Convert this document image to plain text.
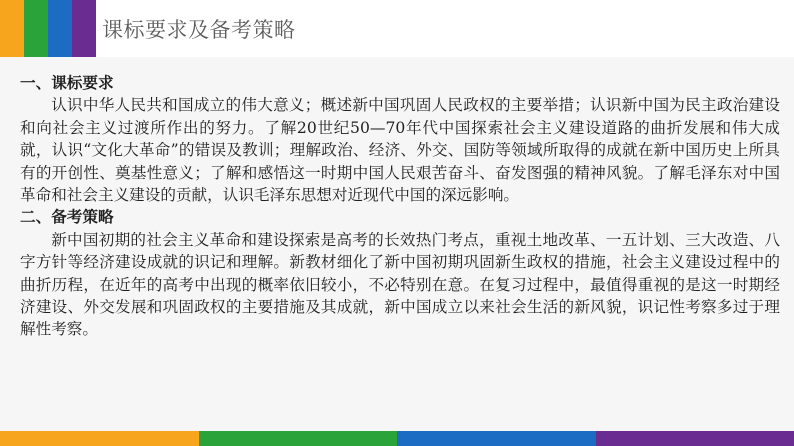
课标要求及备考策略
一、课标要求
认识中华人民共和国成立的伟大意义；概述新中国巩固人民政权的主要举措；认识新中国为民主政治建设和向社会主义过渡所作出的努力。了解20世纪50—70年代中国探索社会主义建设道路的曲折发展和伟大成就，认识“文化大革命”的错误及教训；理解政治、经济、外交、国防等领域所取得的成就在新中国历史上所具有的开创性、奠基性意义；了解和感悟这一时期中国人民艰苦奋斗、奋发图强的精神风貌。了解毛泽东对中国革命和社会主义建设的贡献，认识毛泽东思想对近现代中国的深远影响。
二、备考策略
新中国初期的社会主义革命和建设探索是高考的长效热门考点，重视土地改革、一五计划、三大改造、八字方针等经济建设成就的识记和理解。新教材细化了新中国初期巩固新生政权的措施，社会主义建设过程中的曲折历程，在近年的高考中出现的概率依旧较小，不必特别在意。在复习过程中，最值得重视的是这一时期经济建设、外交发展和巩固政权的主要措施及其成就，新中国成立以来社会生活的新风貌，识记性考察多过于理解性考察。
